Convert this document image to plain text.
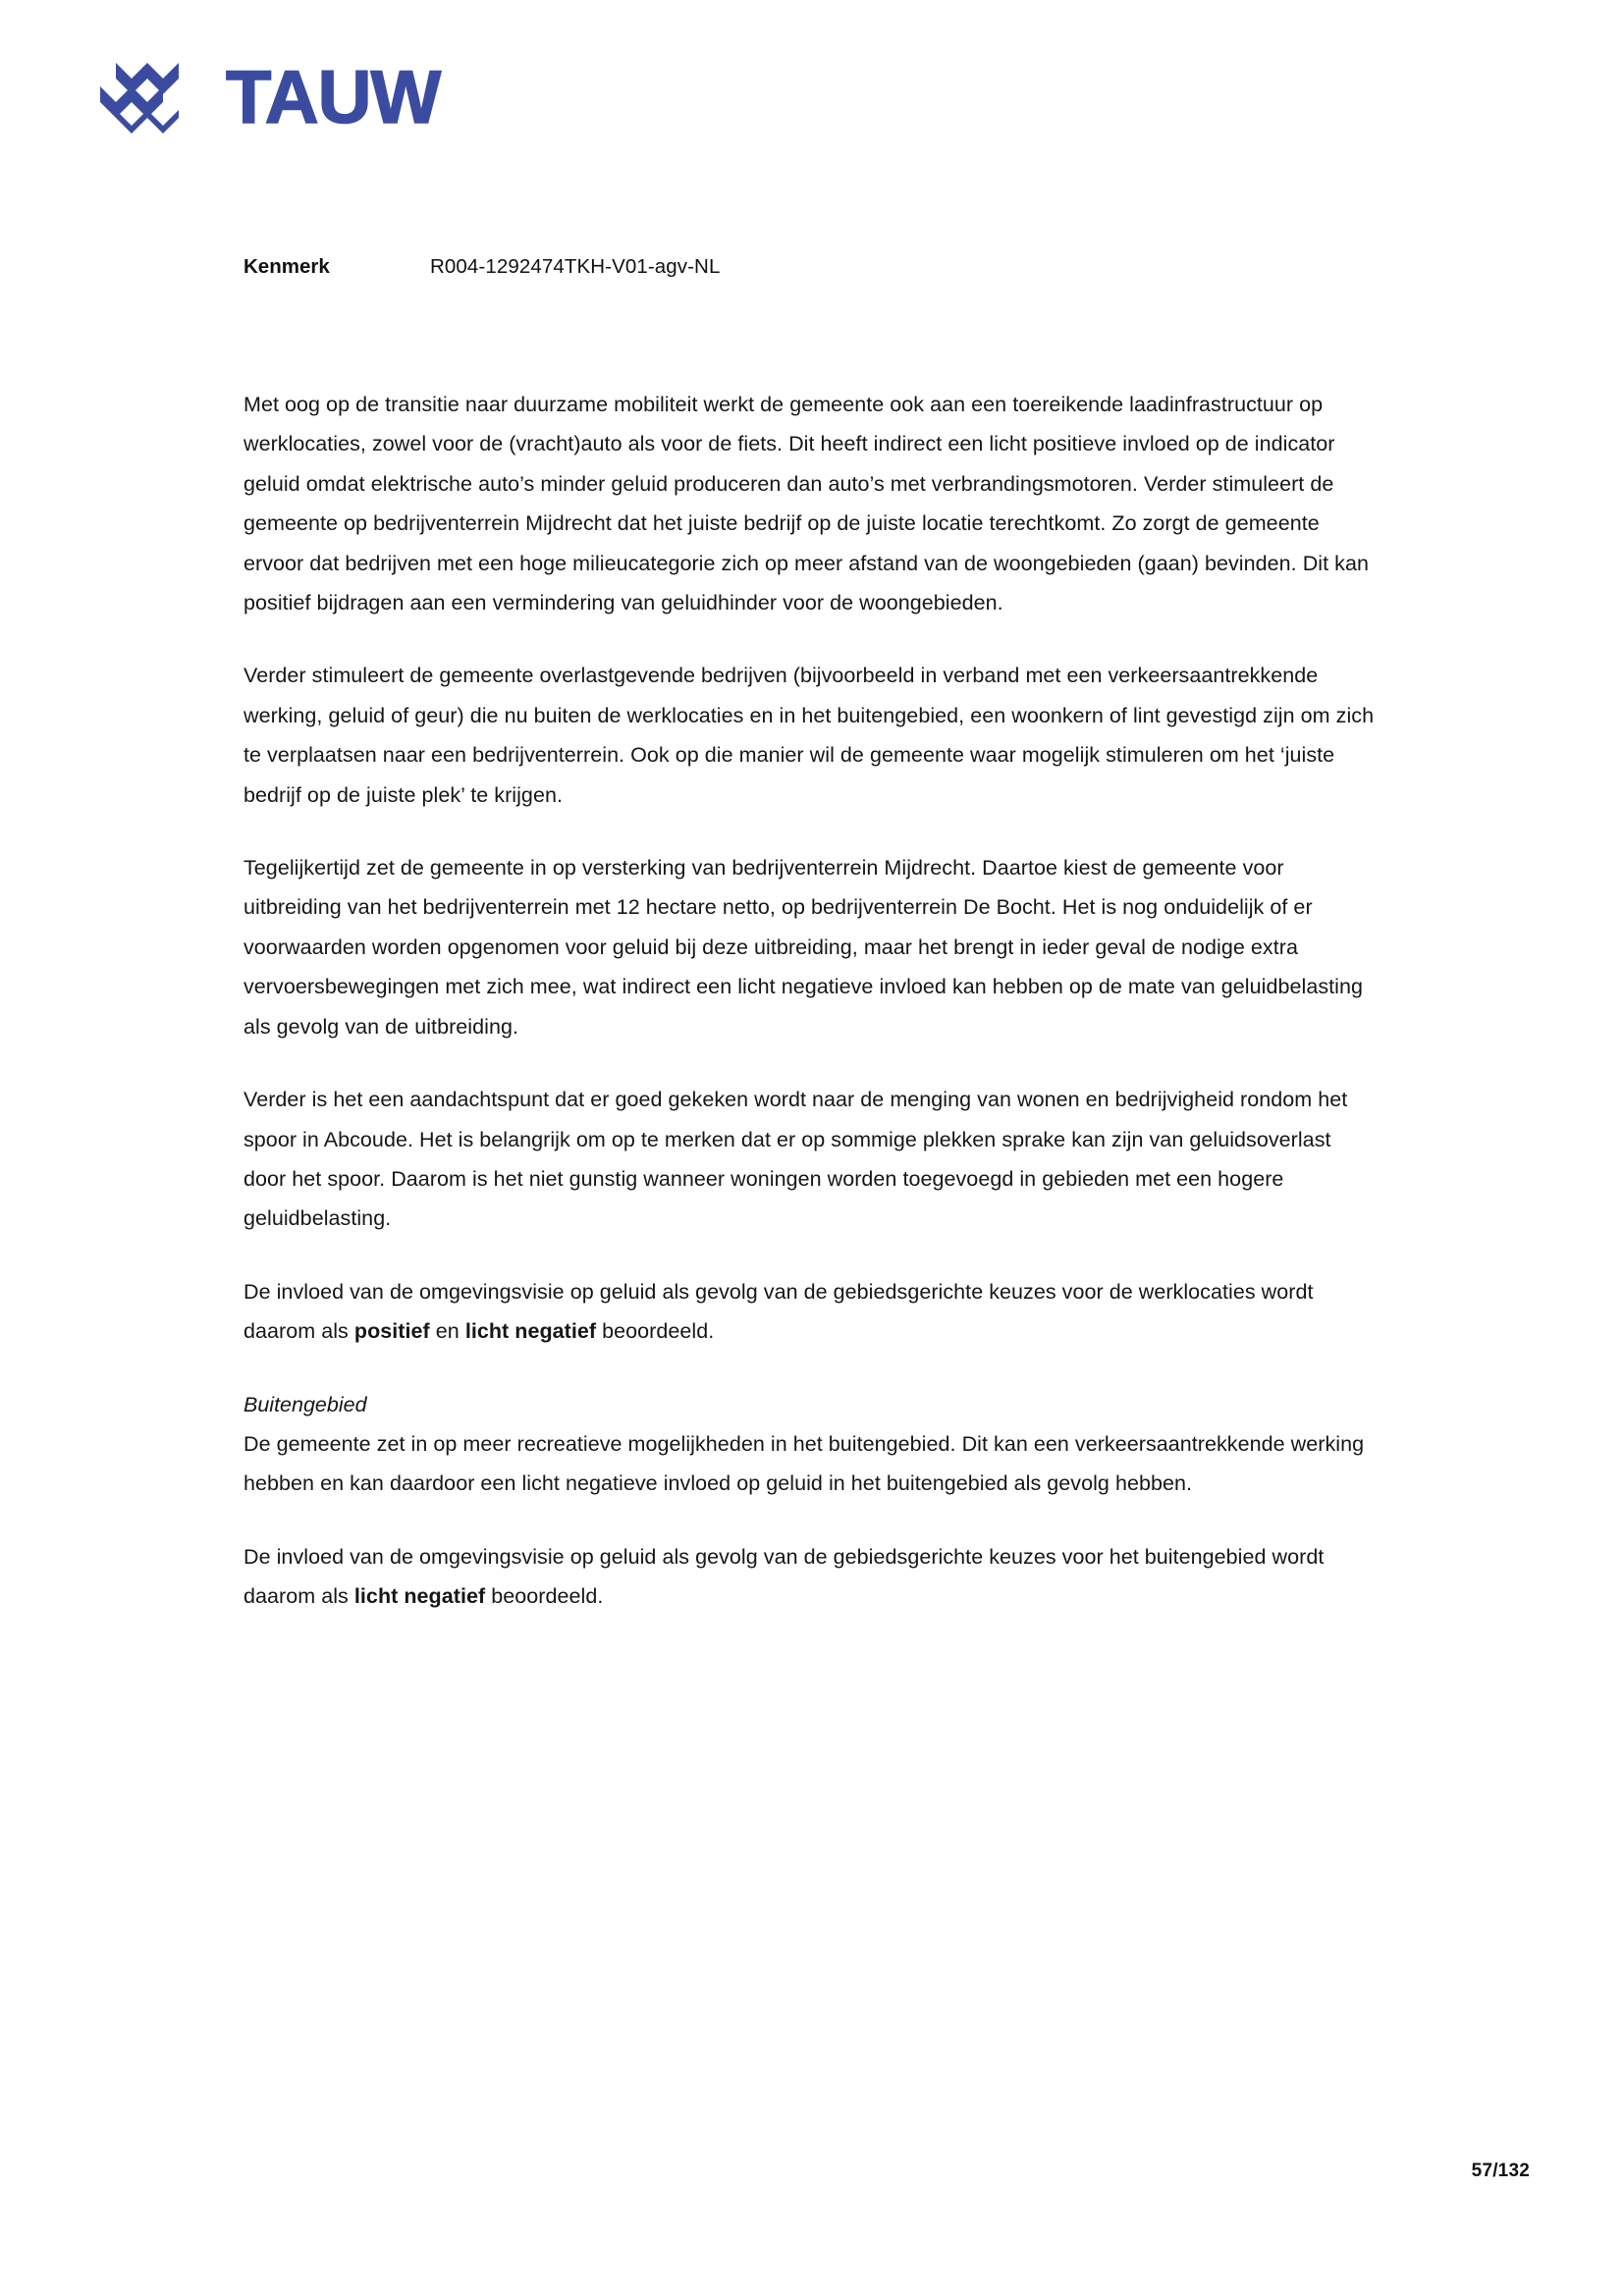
TAUW
Kenmerk	R004-1292474TKH-V01-agv-NL

Met oog op de transitie naar duurzame mobiliteit werkt de gemeente ook aan een toereikende laadinfrastructuur op werklocaties, zowel voor de (vracht)auto als voor de fiets. Dit heeft indirect een licht positieve invloed op de indicator geluid omdat elektrische auto’s minder geluid produceren dan auto’s met verbrandingsmotoren. Verder stimuleert de gemeente op bedrijventerrein Mijdrecht dat het juiste bedrijf op de juiste locatie terechtkomt. Zo zorgt de gemeente ervoor dat bedrijven met een hoge milieucategorie zich op meer afstand van de woongebieden (gaan) bevinden. Dit kan positief bijdragen aan een vermindering van geluidhinder voor de woongebieden.

Verder stimuleert de gemeente overlastgevende bedrijven (bijvoorbeeld in verband met een verkeersaantrekkende werking, geluid of geur) die nu buiten de werklocaties en in het buitengebied, een woonkern of lint gevestigd zijn om zich te verplaatsen naar een bedrijventerrein. Ook op die manier wil de gemeente waar mogelijk stimuleren om het ‘juiste bedrijf op de juiste plek’ te krijgen.

Tegelijkertijd zet de gemeente in op versterking van bedrijventerrein Mijdrecht. Daartoe kiest de gemeente voor uitbreiding van het bedrijventerrein met 12 hectare netto, op bedrijventerrein De Bocht. Het is nog onduidelijk of er voorwaarden worden opgenomen voor geluid bij deze uitbreiding, maar het brengt in ieder geval de nodige extra vervoersbewegingen met zich mee, wat indirect een licht negatieve invloed kan hebben op de mate van geluidbelasting als gevolg van de uitbreiding.

Verder is het een aandachtspunt dat er goed gekeken wordt naar de menging van wonen en bedrijvigheid rondom het spoor in Abcoude. Het is belangrijk om op te merken dat er op sommige plekken sprake kan zijn van geluidsoverlast door het spoor. Daarom is het niet gunstig wanneer woningen worden toegevoegd in gebieden met een hogere geluidbelasting.

De invloed van de omgevingsvisie op geluid als gevolg van de gebiedsgerichte keuzes voor de werklocaties wordt daarom als positief en licht negatief beoordeeld.

Buitengebied

De gemeente zet in op meer recreatieve mogelijkheden in het buitengebied. Dit kan een verkeersaantrekkende werking hebben en kan daardoor een licht negatieve invloed op geluid in het buitengebied als gevolg hebben.

De invloed van de omgevingsvisie op geluid als gevolg van de gebiedsgerichte keuzes voor het buitengebied wordt daarom als licht negatief beoordeeld.

57/132
